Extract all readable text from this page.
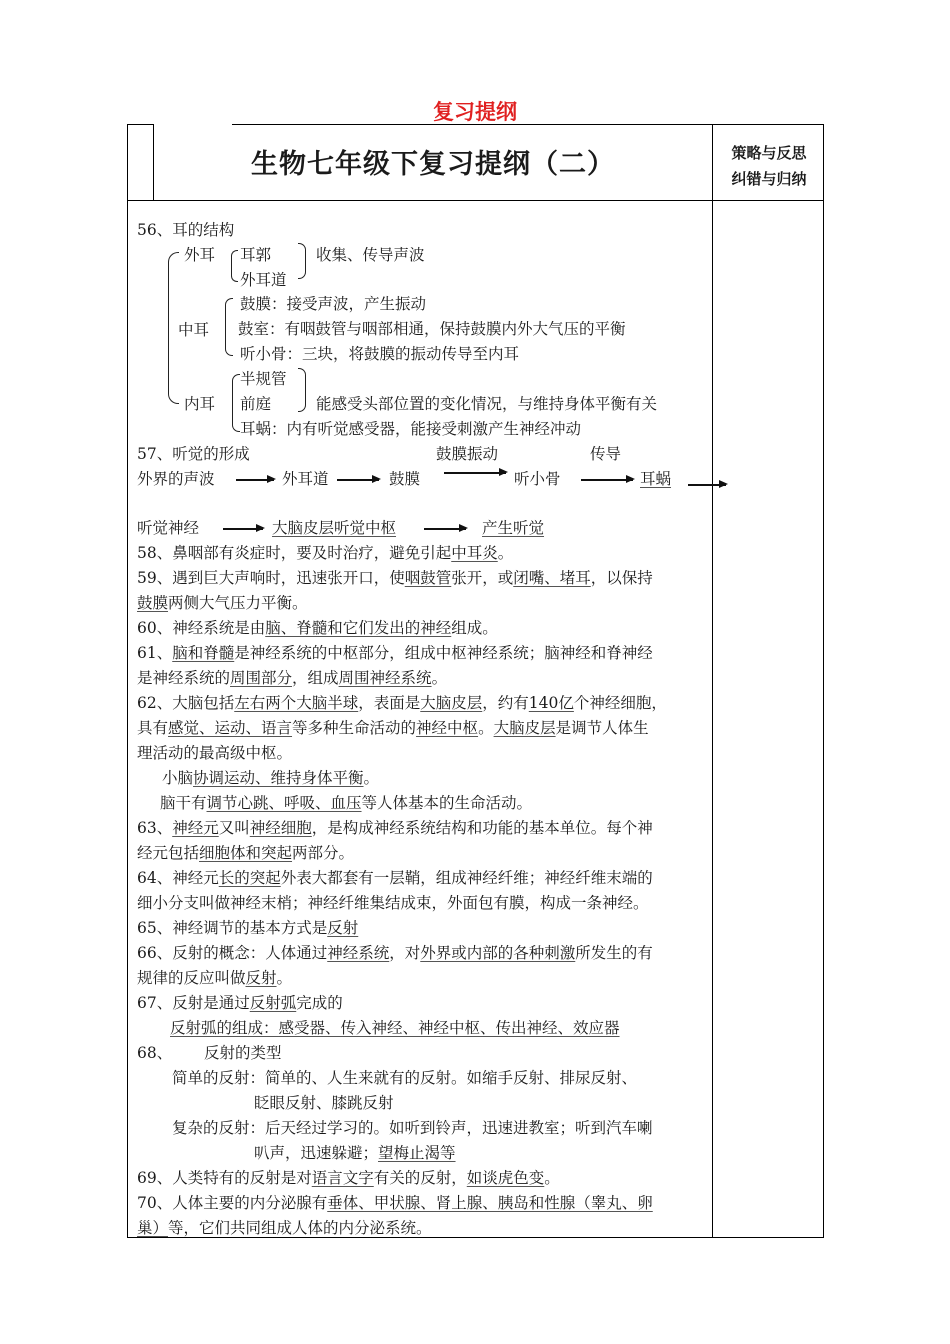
复习提纲
生物七年级下复习提纲（二）	策略与反思
纠错与归纳
56、耳的结构
外耳 耳郭
外耳道
收集、传导声波
中耳
鼓膜：接受声波，产生振动
鼓室：有咽鼓管与咽部相通，保持鼓膜内外大气压的平衡
听小骨：三块，将鼓膜的振动传导至内耳
内耳
半规管
前庭	能感受头部位置的变化情况，与维持身体平衡有关
耳蜗：内有听觉感受器，能接受刺激产生神经冲动
57、听觉的形成	鼓膜振动	传导
外界的声波	外耳道	鼓膜	听小骨	耳蜗
听觉神经	大脑皮层听觉中枢	产生听觉
58、鼻咽部有炎症时，要及时治疗，避免引起中耳炎。
59、遇到巨大声响时，迅速张开口，使咽鼓管张开，或闭嘴、堵耳，以保持
鼓膜两侧大气压力平衡。
60、神经系统是由脑、脊髓和它们发出的神经组成。
61、脑和脊髓是神经系统的中枢部分，组成中枢神经系统；脑神经和脊神经
是神经系统的周围部分，组成周围神经系统。
62、大脑包括左右两个大脑半球，表面是大脑皮层，约有140亿个神经细胞，
具有感觉、运动、语言等多种生命活动的神经中枢。大脑皮层是调节人体生
理活动的最高级中枢。
小脑协调运动、维持身体平衡。
脑干有调节心跳、呼吸、血压等人体基本的生命活动。
63、神经元又叫神经细胞，是构成神经系统结构和功能的基本单位。每个神
经元包括细胞体和突起两部分。
64、神经元长的突起外表大都套有一层鞘，组成神经纤维；神经纤维末端的
细小分支叫做神经末梢；神经纤维集结成束，外面包有膜，构成一条神经。
65、神经调节的基本方式是反射
66、反射的概念：人体通过神经系统，对外界或内部的各种刺激所发生的有
规律的反应叫做反射。
67、反射是通过反射弧完成的
反射弧的组成：感受器、传入神经、神经中枢、传出神经、效应器
68、 反射的类型
简单的反射：简单的、人生来就有的反射。如缩手反射、排尿反射、
眨眼反射、膝跳反射
复杂的反射：后天经过学习的。如听到铃声，迅速进教室；听到汽车喇
叭声，迅速躲避；望梅止渴等
69、人类特有的反射是对语言文字有关的反射，如谈虎色变。
70、人体主要的内分泌腺有垂体、甲状腺、肾上腺、胰岛和性腺（睾丸、卵
巢）等，它们共同组成人体的内分泌系统。
